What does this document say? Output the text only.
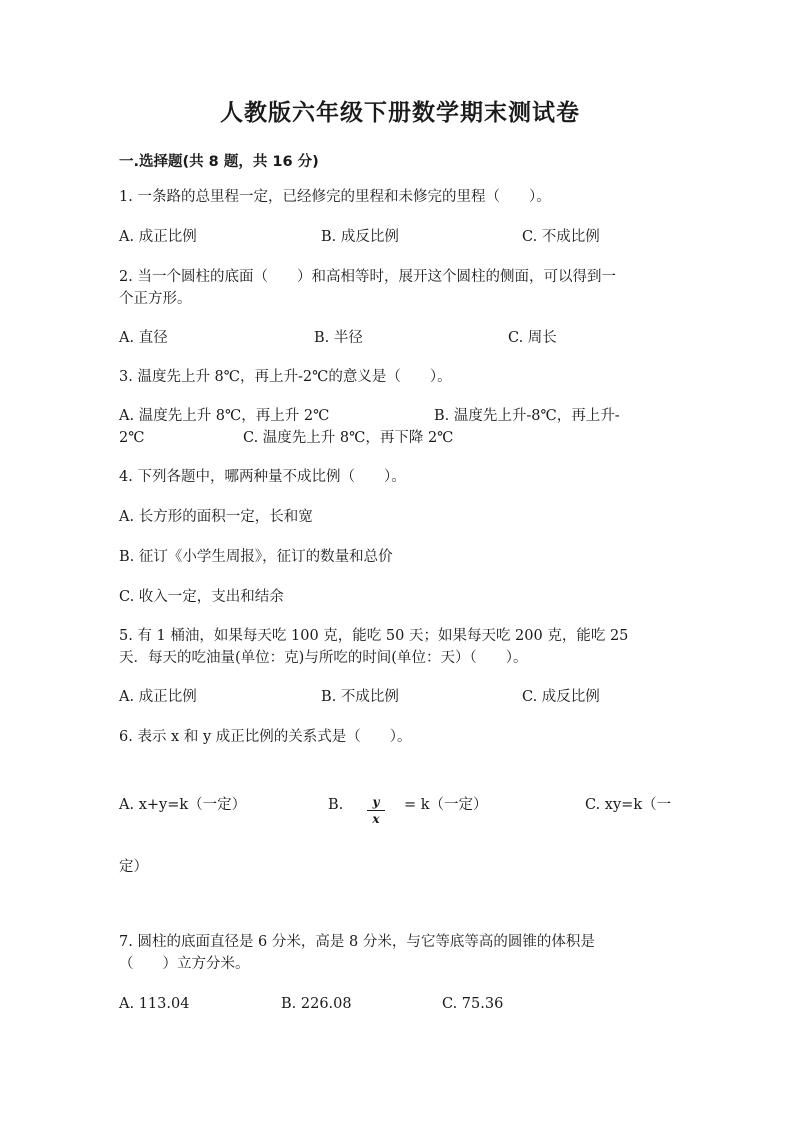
人教版六年级下册数学期末测试卷
一.选择题(共 8 题，共 16 分)
1. 一条路的总里程一定，已经修完的里程和未修完的里程（　　）。
A. 成正比例	B. 成反比例	C. 不成比例
2. 当一个圆柱的底面（　　）和高相等时，展开这个圆柱的侧面，可以得到一
个正方形。
A. 直径	B. 半径	C. 周长
3. 温度先上升 8℃，再上升-2℃的意义是（　　）。
A. 温度先上升 8℃，再上升 2℃	B. 温度先上升-8℃，再上升-
2℃	C. 温度先上升 8℃，再下降 2℃
4. 下列各题中，哪两种量不成比例（　　）。
A. 长方形的面积一定，长和宽
B. 征订《小学生周报》，征订的数量和总价
C. 收入一定，支出和结余
5. 有 1 桶油，如果每天吃 100 克，能吃 50 天；如果每天吃 200 克，能吃 25
天．每天的吃油量(单位：克)与所吃的时间(单位：天）（　　）。
A. 成正比例	B. 不成比例	C. 成反比例
6. 表示 x 和 y 成正比例的关系式是（　　）。
A. x+y=k（一定）	B. $\frac{y}{x} = k$（一定）	C. xy=k（一
定）
7. 圆柱的底面直径是 6 分米，高是 8 分米，与它等底等高的圆锥的体积是
（　　）立方分米。
A. 113.04	B. 226.08	C. 75.36
